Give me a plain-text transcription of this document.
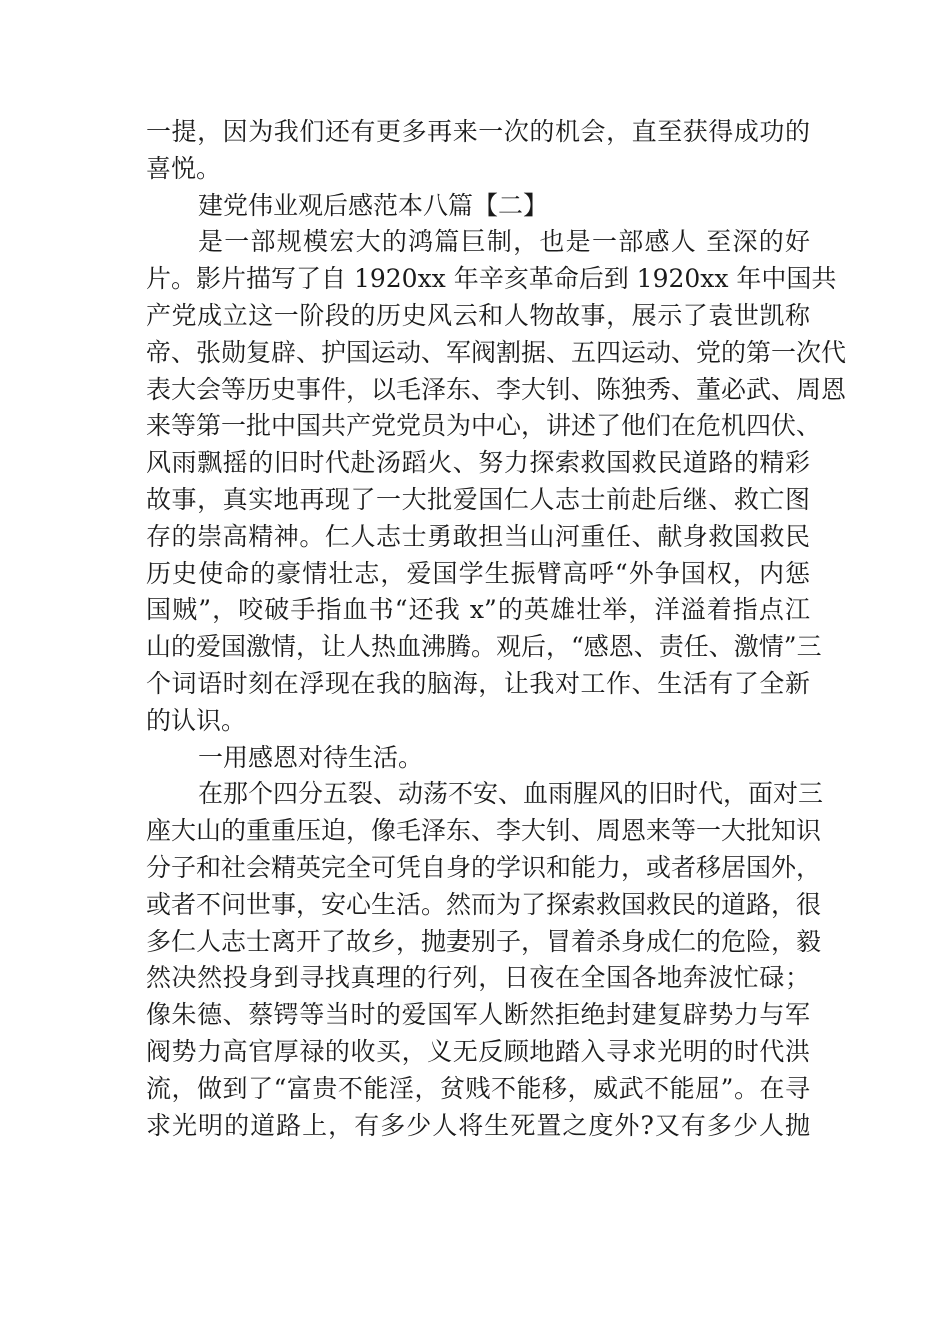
一提，因为我们还有更多再来一次的机会，直至获得成功的
喜悦。
建党伟业观后感范本八篇【二】
是一部规模宏大的鸿篇巨制，也是一部感人 至深的好
片。影片描写了自 1920xx 年辛亥革命后到 1920xx 年中国共
产党成立这一阶段的历史风云和人物故事，展示了袁世凯称
帝、张勋复辟、护国运动、军阀割据、五四运动、党的第一次代
表大会等历史事件，以毛泽东、李大钊、陈独秀、董必武、周恩
来等第一批中国共产党党员为中心，讲述了他们在危机四伏、
风雨飘摇的旧时代赴汤蹈火、努力探索救国救民道路的精彩
故事，真实地再现了一大批爱国仁人志士前赴后继、救亡图
存的崇高精神。仁人志士勇敢担当山河重任、献身救国救民
历史使命的豪情壮志，爱国学生振臂高呼“外争国权，内惩
国贼”，咬破手指血书“还我 x”的英雄壮举，洋溢着指点江
山的爱国激情，让人热血沸腾。观后，“感恩、责任、激情”三
个词语时刻在浮现在我的脑海，让我对工作、生活有了全新
的认识。
一用感恩对待生活。
在那个四分五裂、动荡不安、血雨腥风的旧时代，面对三
座大山的重重压迫，像毛泽东、李大钊、周恩来等一大批知识
分子和社会精英完全可凭自身的学识和能力，或者移居国外，
或者不问世事，安心生活。然而为了探索救国救民的道路，很
多仁人志士离开了故乡，抛妻别子，冒着杀身成仁的危险，毅
然决然投身到寻找真理的行列，日夜在全国各地奔波忙碌；
像朱德、蔡锷等当时的爱国军人断然拒绝封建复辟势力与军
阀势力高官厚禄的收买，义无反顾地踏入寻求光明的时代洪
流，做到了“富贵不能淫，贫贱不能移，威武不能屈”。在寻
求光明的道路上，有多少人将生死置之度外?又有多少人抛
